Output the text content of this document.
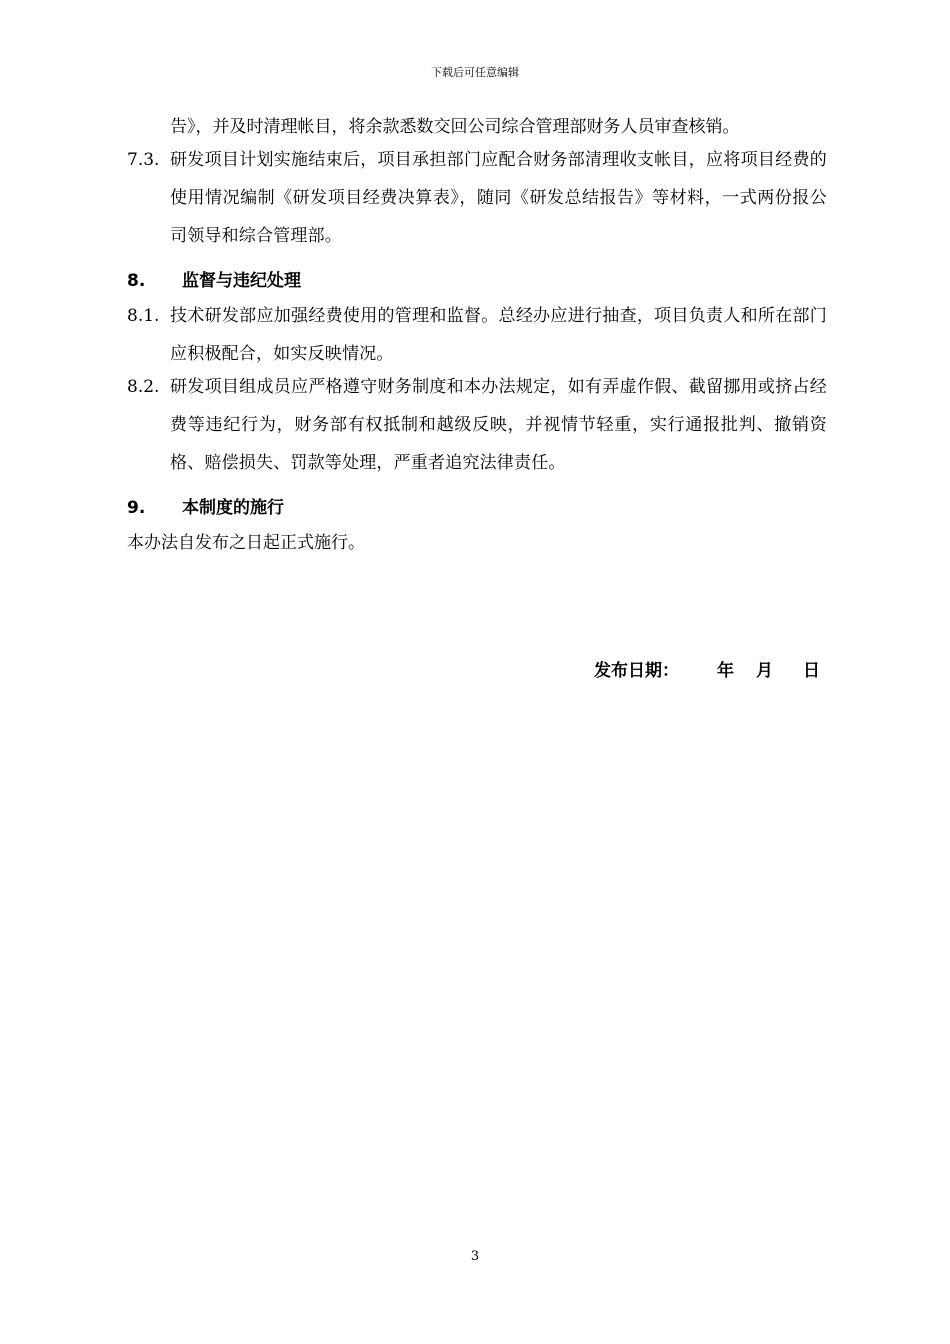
下载后可任意编辑
告》，并及时清理帐目，将余款悉数交回公司综合管理部财务人员审查核销。
7.3. 研发项目计划实施结束后，项目承担部门应配合财务部清理收支帐目，应将项目经费的使用情况编制《研发项目经费决算表》，随同《研发总结报告》等材料，一式两份报公司领导和综合管理部。
8. 监督与违纪处理
8.1. 技术研发部应加强经费使用的管理和监督。总经办应进行抽查，项目负责人和所在部门应积极配合，如实反映情况。
8.2. 研发项目组成员应严格遵守财务制度和本办法规定，如有弄虚作假、截留挪用或挤占经费等违纪行为，财务部有权抵制和越级反映，并视情节轻重，实行通报批判、撤销资格、赔偿损失、罚款等处理，严重者追究法律责任。
9. 本制度的施行
本办法自发布之日起正式施行。
发布日期： 年 月 日
3
